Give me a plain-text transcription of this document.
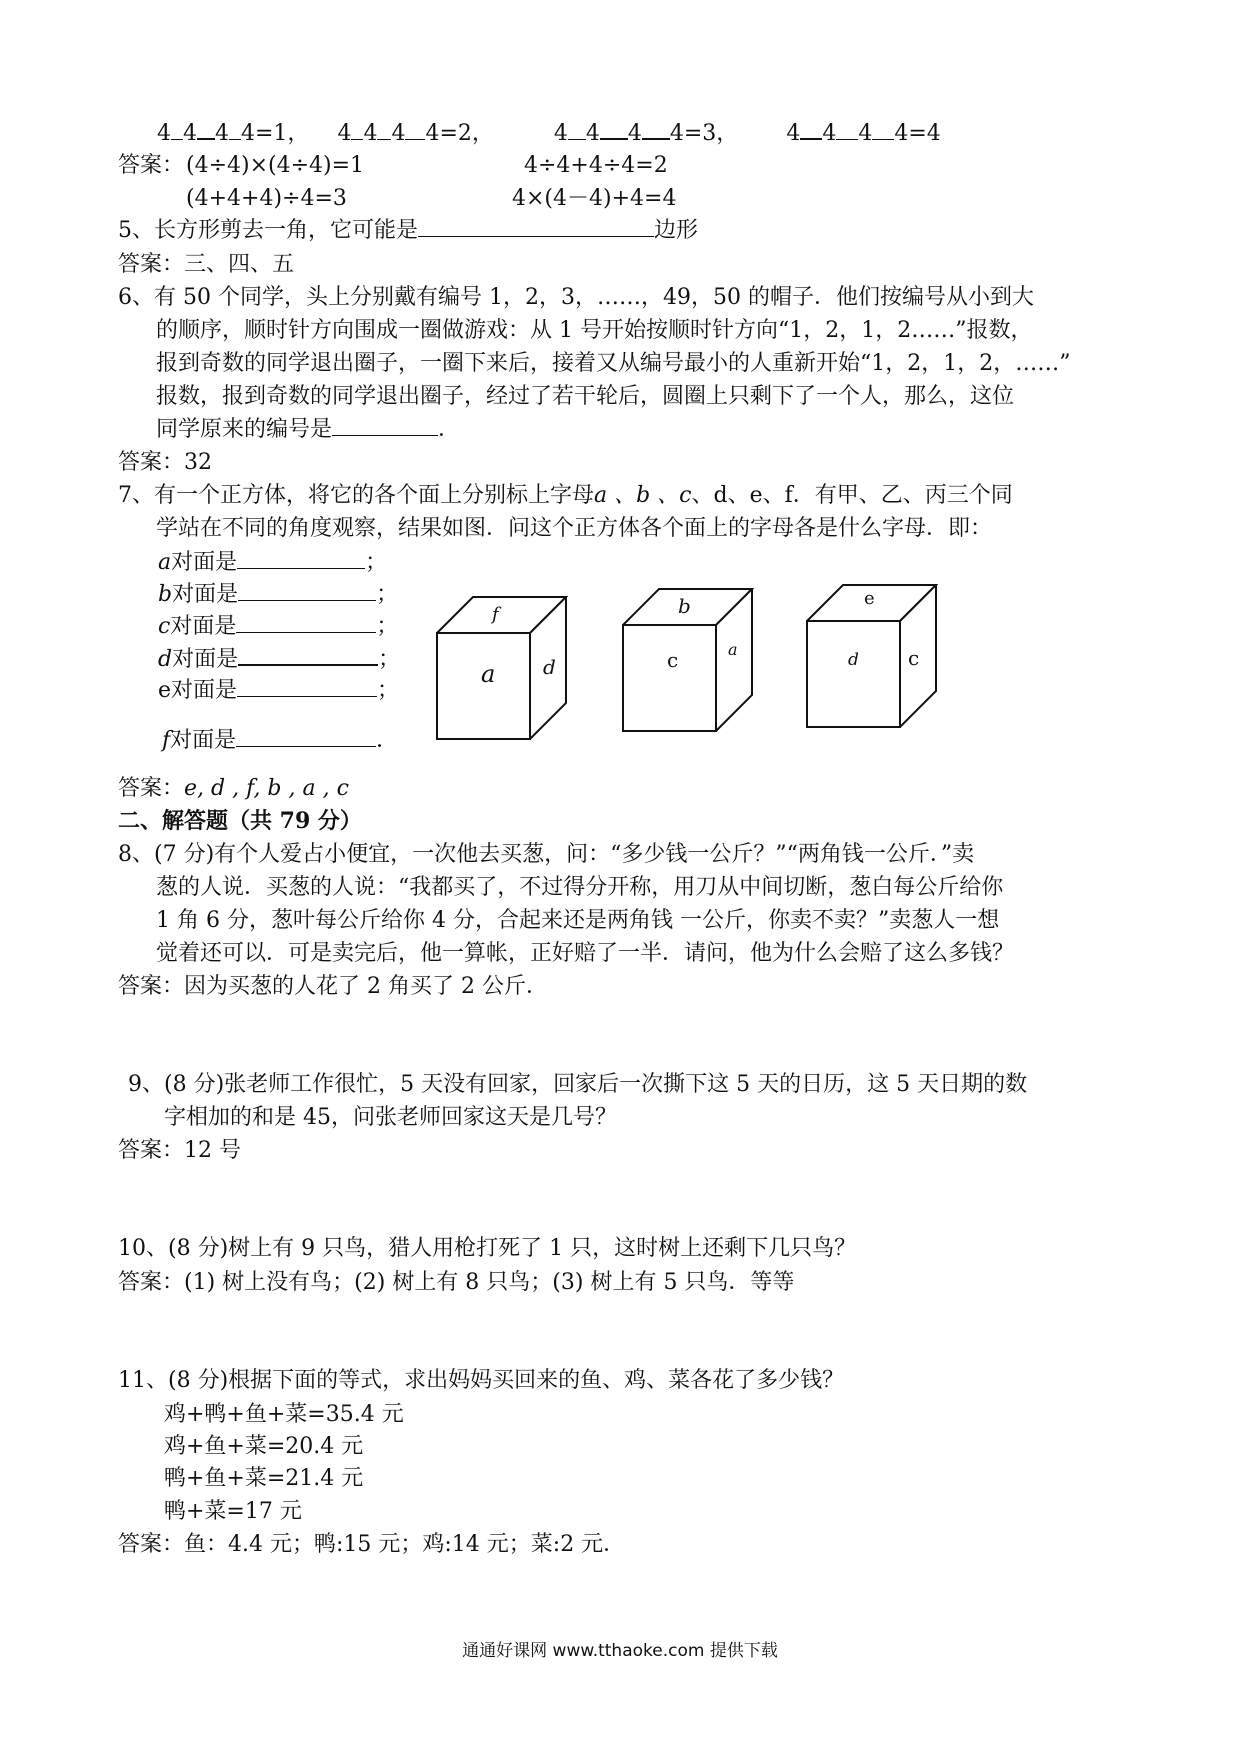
4 4 4 4=1， 4 4 4 4=2，	4 4 4 4=3， 4 4 4 4=4
答案： (4÷4)×(4÷4)=1	4÷4+4÷4=2
(4+4+4)÷4=3	4×(4－4)+4=4
5、长方形剪去一角，它可能是	边形
答案：三、四、五
6、有 50 个同学，头上分别戴有编号 1，2，3，……，49，50 的帽子．他们按编号从小到大
的顺序，顺时针方向围成一圈做游戏：从 1 号开始按顺时针方向“1，2，1，2……”报数，
报到奇数的同学退出圈子，一圈下来后，接着又从编号最小的人重新开始“1，2，1，2，……”
报数，报到奇数的同学退出圈子，经过了若干轮后，圆圈上只剩下了一个人，那么，这位
同学原来的编号是	．
答案：32
7、有一个正方体，将它的各个面上分别标上字母a 、b 、c、d、e、f．有甲、乙、丙三个同
学站在不同的角度观察，结果如图．问这个正方体各个面上的字母各是什么字母．即：
a对面是	；
b对面是	；
c对面是	；
d对面是	；
e对面是	；
f对面是	．
f
a d
b
c	a
e
d c
答案：e, d , f, b , a , c
二、解答题（共 79 分）
8、(7 分)有个人爱占小便宜，一次他去买葱，问：“多少钱一公斤？”“两角钱一公斤．”卖
葱的人说．买葱的人说：“我都买了，不过得分开称，用刀从中间切断，葱白每公斤给你
1 角 6 分，葱叶每公斤给你 4 分，合起来还是两角钱 一公斤，你卖不卖？”卖葱人一想
觉着还可以．可是卖完后，他一算帐，正好赔了一半．请问，他为什么会赔了这么多钱？
答案：因为买葱的人花了 2 角买了 2 公斤．
9、(8 分)张老师工作很忙，5 天没有回家，回家后一次撕下这 5 天的日历，这 5 天日期的数
字相加的和是 45，问张老师回家这天是几号？
答案：12 号
10、(8 分)树上有 9 只鸟，猎人用枪打死了 1 只，这时树上还剩下几只鸟？
答案：(1) 树上没有鸟；(2) 树上有 8 只鸟；(3) 树上有 5 只鸟．等等
11、(8 分)根据下面的等式，求出妈妈买回来的鱼、鸡、菜各花了多少钱？
鸡+鸭+鱼+菜=35.4 元
鸡+鱼+菜=20.4 元
鸭+鱼+菜=21.4 元
鸭+菜=17 元
答案：鱼：4.4 元；鸭:15 元；鸡:14 元；菜:2 元．
通通好课网 www.tthaoke.com 提供下载
